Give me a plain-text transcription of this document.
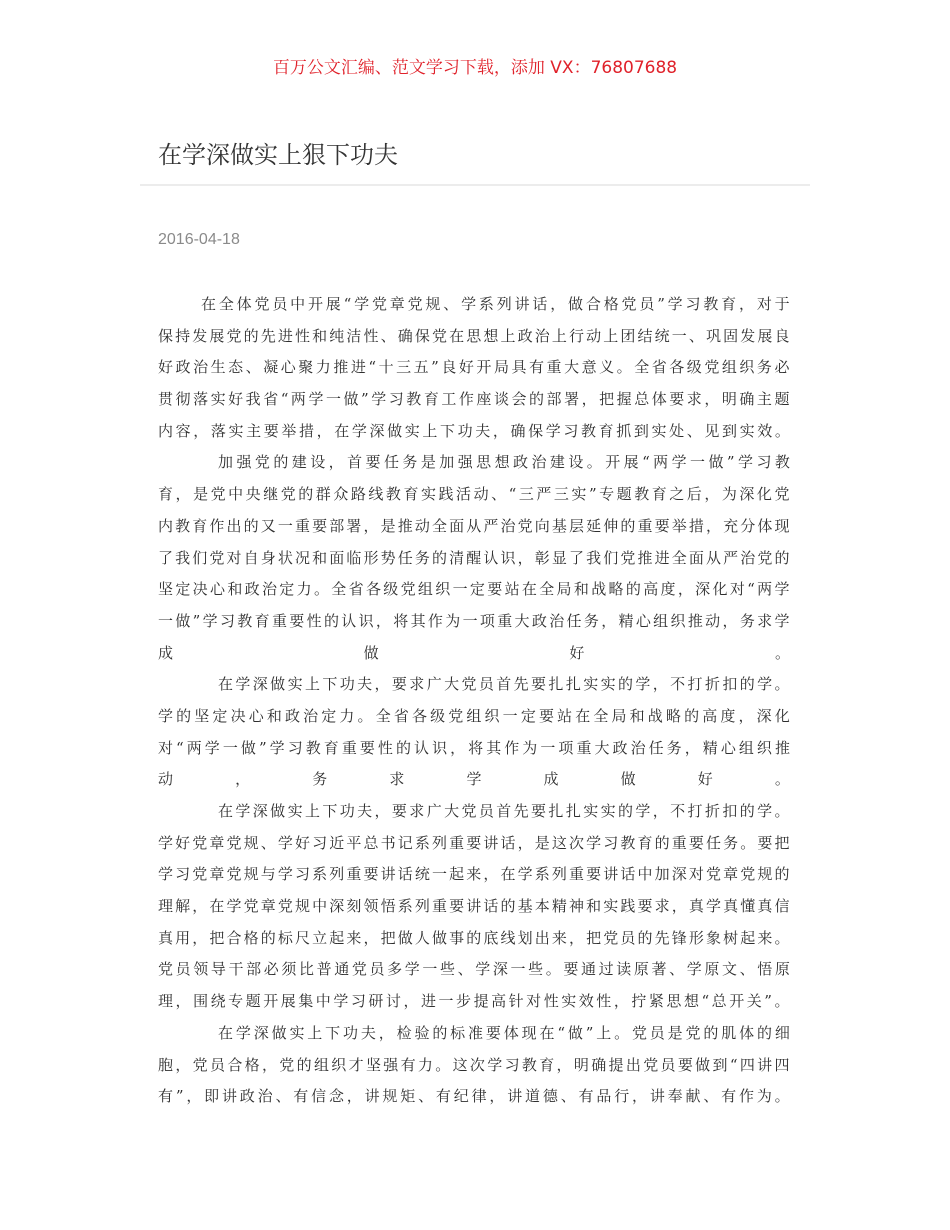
百万公文汇编、范文学习下载，添加 VX：76807688
在学深做实上狠下功夫
2016-04-18
在 全 体 党 员 中 开 展 “ 学 党 章 党 规 、 学 系 列 讲 话 ， 做 合 格 党 员 ” 学 习 教 育 ， 对 于
保 持 发 展 党 的 先 进 性 和 纯 洁 性 、 确 保 党 在 思 想 上 政 治 上 行 动 上 团 结 统 一 、 巩 固 发 展 良
好 政 治 生 态 、 凝 心 聚 力 推 进 “ 十 三 五 ” 良 好 开 局 具 有 重 大 意 义 。 全 省 各 级 党 组 织 务 必
贯 彻 落 实 好 我 省 “ 两 学 一 做 ” 学 习 教 育 工 作 座 谈 会 的 部 署 ， 把 握 总 体 要 求 ， 明 确 主 题
内 容 ， 落 实 主 要 举 措 ， 在 学 深 做 实 上 下 功 夫 ， 确 保 学 习 教 育 抓 到 实 处 、 见 到 实 效 。
加 强 党 的 建 设 ， 首 要 任 务 是 加 强 思 想 政 治 建 设 。 开 展 “ 两 学 一 做 ” 学 习 教
育 ， 是 党 中 央 继 党 的 群 众 路 线 教 育 实 践 活 动 、 “ 三 严 三 实 ” 专 题 教 育 之 后 ， 为 深 化 党
内 教 育 作 出 的 又 一 重 要 部 署 ， 是 推 动 全 面 从 严 治 党 向 基 层 延 伸 的 重 要 举 措 ， 充 分 体 现
了 我 们 党 对 自 身 状 况 和 面 临 形 势 任 务 的 清 醒 认 识 ， 彰 显 了 我 们 党 推 进 全 面 从 严 治 党 的
坚 定 决 心 和 政 治 定 力 。 全 省 各 级 党 组 织 一 定 要 站 在 全 局 和 战 略 的 高 度 ， 深 化 对 “ 两 学
一 做 ” 学 习 教 育 重 要 性 的 认 识 ， 将 其 作 为 一 项 重 大 政 治 任 务 ， 精 心 组 织 推 动 ， 务 求 学
成	做	好	。
在 学 深 做 实 上 下 功 夫 ， 要 求 广 大 党 员 首 先 要 扎 扎 实 实 的 学 ， 不 打 折 扣 的 学 。
学 的 坚 定 决 心 和 政 治 定 力 。 全 省 各 级 党 组 织 一 定 要 站 在 全 局 和 战 略 的 高 度 ， 深 化
对 “ 两 学 一 做 ” 学 习 教 育 重 要 性 的 认 识 ， 将 其 作 为 一 项 重 大 政 治 任 务 ， 精 心 组 织 推
动	，	务	求	学	成	做	好	。
在 学 深 做 实 上 下 功 夫 ， 要 求 广 大 党 员 首 先 要 扎 扎 实 实 的 学 ， 不 打 折 扣 的 学 。
学 好 党 章 党 规 、 学 好 习 近 平 总 书 记 系 列 重 要 讲 话 ， 是 这 次 学 习 教 育 的 重 要 任 务 。 要 把
学 习 党 章 党 规 与 学 习 系 列 重 要 讲 话 统 一 起 来 ， 在 学 系 列 重 要 讲 话 中 加 深 对 党 章 党 规 的
理 解 ， 在 学 党 章 党 规 中 深 刻 领 悟 系 列 重 要 讲 话 的 基 本 精 神 和 实 践 要 求 ， 真 学 真 懂 真 信
真 用 ， 把 合 格 的 标 尺 立 起 来 ， 把 做 人 做 事 的 底 线 划 出 来 ， 把 党 员 的 先 锋 形 象 树 起 来 。
党 员 领 导 干 部 必 须 比 普 通 党 员 多 学 一 些 、 学 深 一 些 。 要 通 过 读 原 著 、 学 原 文 、 悟 原
理 ， 围 绕 专 题 开 展 集 中 学 习 研 讨 ， 进 一 步 提 高 针 对 性 实 效 性 ， 拧 紧 思 想 “ 总 开 关 ” 。
在 学 深 做 实 上 下 功 夫 ， 检 验 的 标 准 要 体 现 在 “ 做 ” 上 。 党 员 是 党 的 肌 体 的 细
胞 ， 党 员 合 格 ， 党 的 组 织 才 坚 强 有 力 。 这 次 学 习 教 育 ， 明 确 提 出 党 员 要 做 到 “ 四 讲 四
有 ” ， 即 讲 政 治 、 有 信 念 ， 讲 规 矩 、 有 纪 律 ， 讲 道 德 、 有 品 行 ， 讲 奉 献 、 有 作 为 。
